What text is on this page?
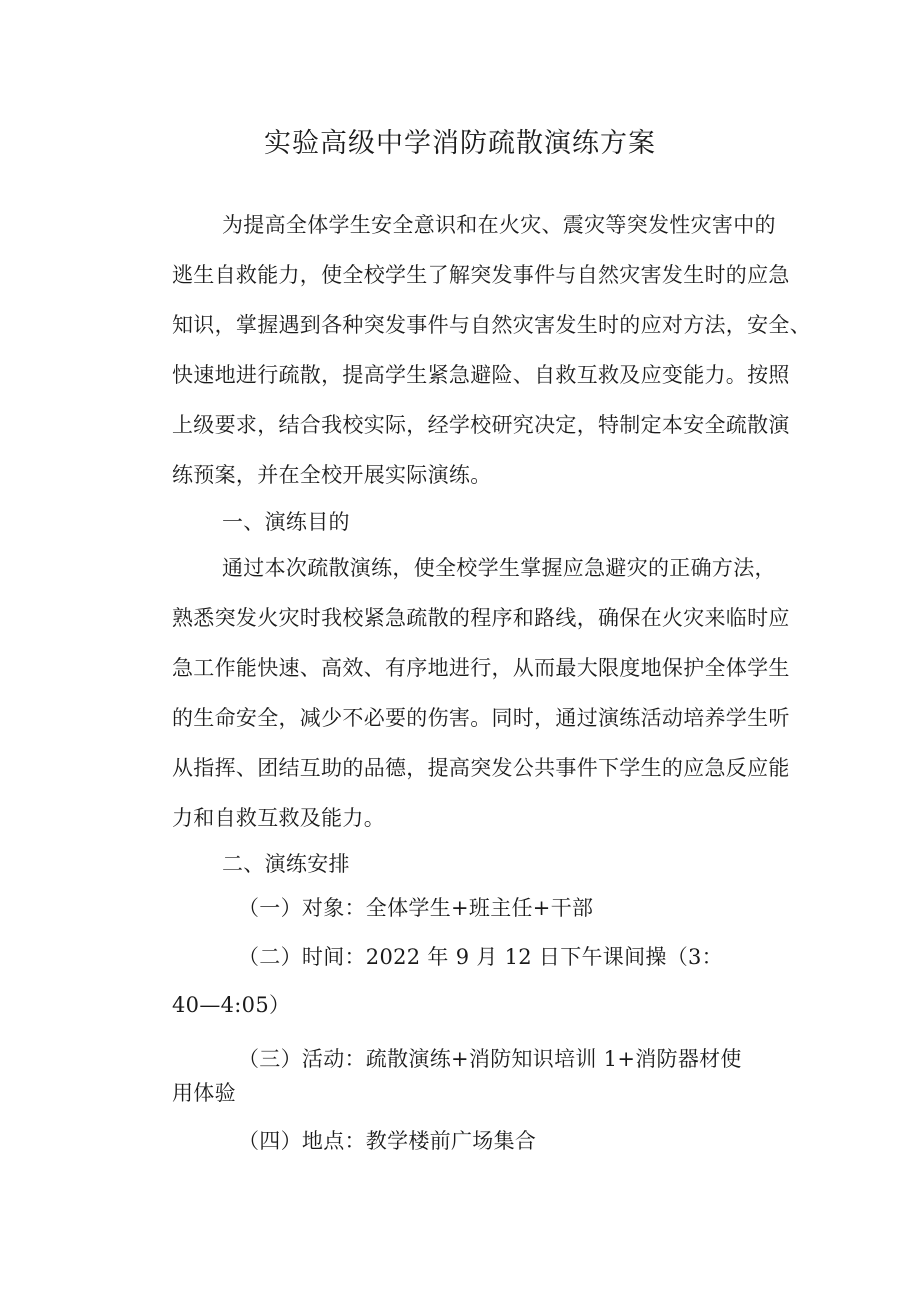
实验高级中学消防疏散演练方案
为提高全体学生安全意识和在火灾、震灾等突发性灾害中的
逃生自救能力，使全校学生了解突发事件与自然灾害发生时的应急
知识，掌握遇到各种突发事件与自然灾害发生时的应对方法，安全、
快速地进行疏散，提高学生紧急避险、自救互救及应变能力。按照
上级要求，结合我校实际，经学校研究决定，特制定本安全疏散演
练预案，并在全校开展实际演练。
一、演练目的
通过本次疏散演练，使全校学生掌握应急避灾的正确方法，
熟悉突发火灾时我校紧急疏散的程序和路线，确保在火灾来临时应
急工作能快速、高效、有序地进行，从而最大限度地保护全体学生
的生命安全，减少不必要的伤害。同时，通过演练活动培养学生听
从指挥、团结互助的品德，提高突发公共事件下学生的应急反应能
力和自救互救及能力。
二、演练安排
（一）对象：全体学生+班主任+干部
（二）时间：2022 年 9 月 12 日下午课间操（3：
40—4:05）
（三）活动：疏散演练+消防知识培训 1+消防器材使
用体验
（四）地点：教学楼前广场集合
